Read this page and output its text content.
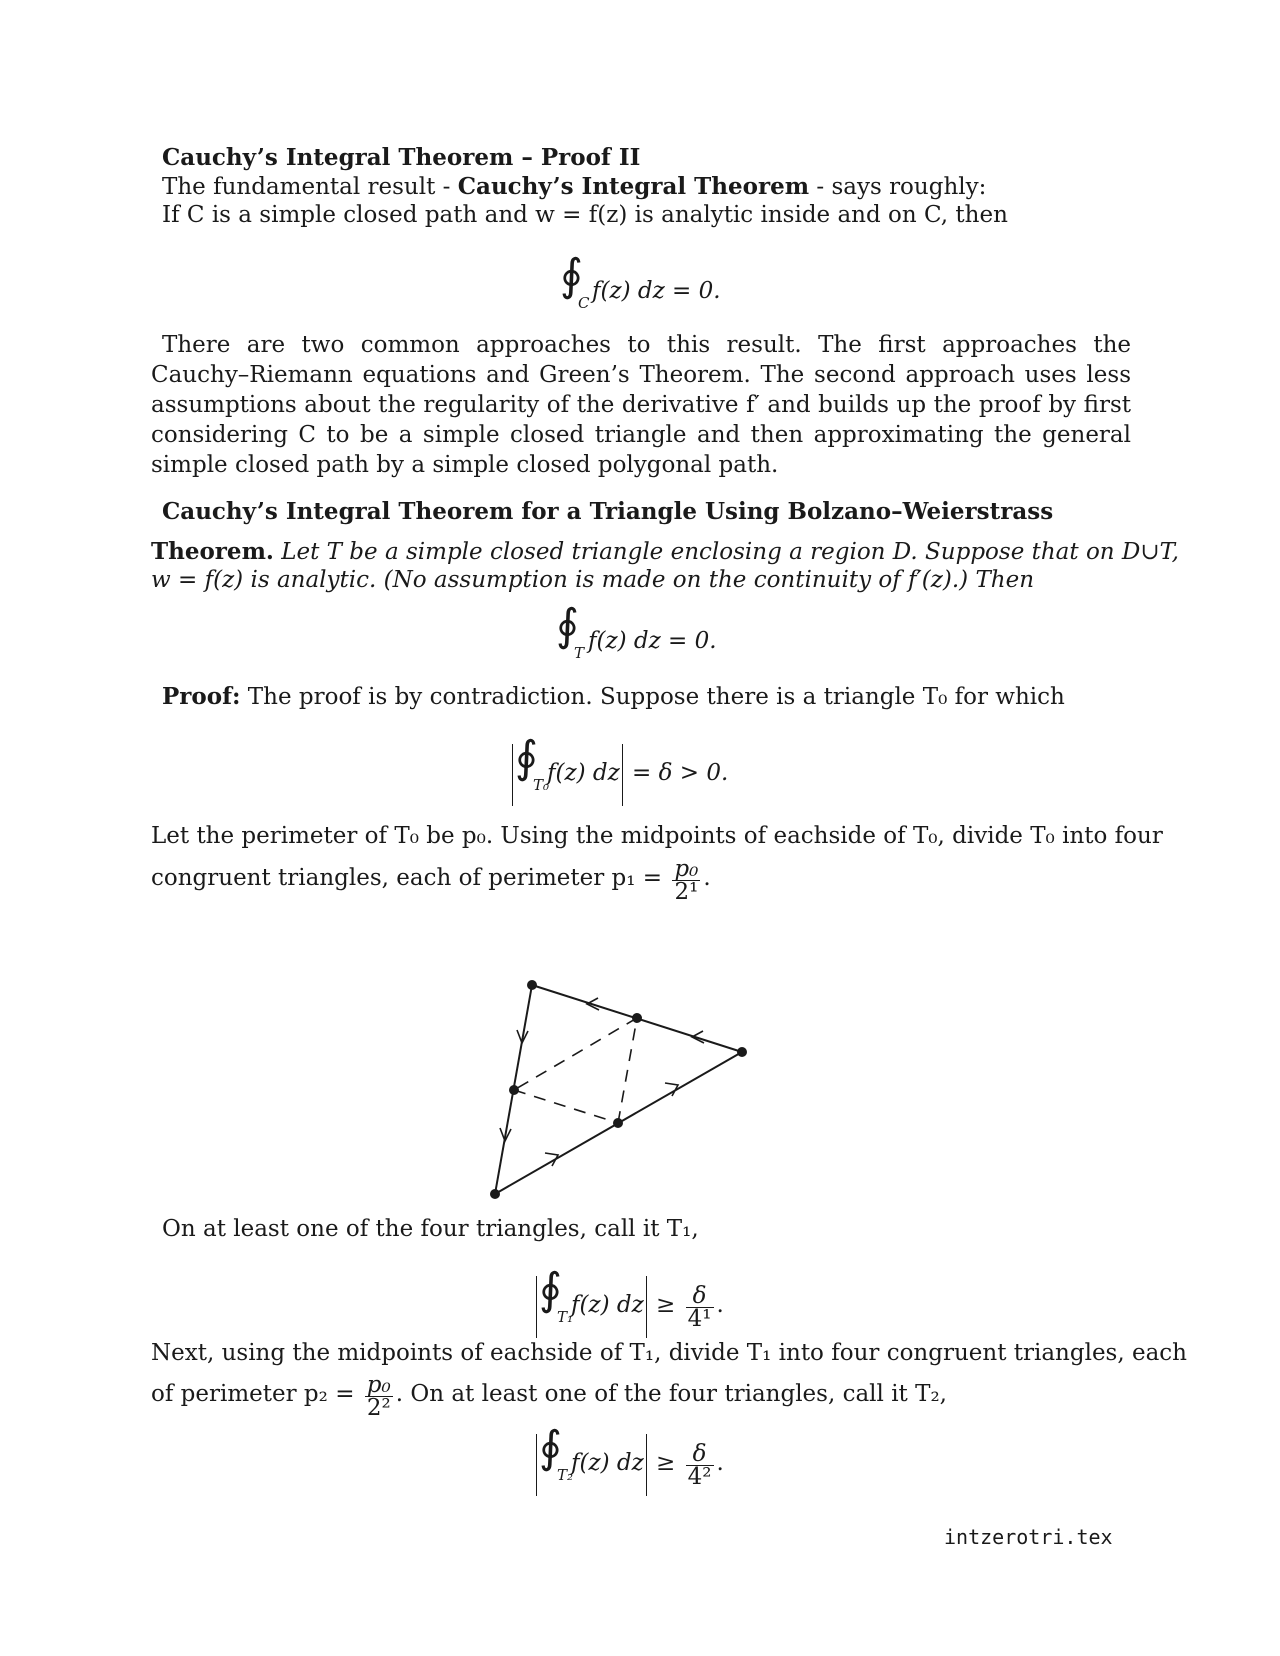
Cauchy’s Integral Theorem – Proof II
The fundamental result - Cauchy’s Integral Theorem - says roughly:
If C is a simple closed path and w = f(z) is analytic inside and on C, then
∮
C f(z) dz = 0.
There are two common approaches to this result. The first approaches the Cauchy–Riemann equations and Green’s Theorem. The second approach uses less assumptions about the regularity of the derivative f′ and builds up the proof by first considering C to be a simple closed triangle and then approximating the general simple closed path by a simple closed polygonal path.
Cauchy’s Integral Theorem for a Triangle Using Bolzano–Weierstrass
Theorem. Let T be a simple closed triangle enclosing a region D. Suppose that on D∪T,
w = f(z) is analytic. (No assumption is made on the continuity of f′(z).) Then
∮
T f(z) dz = 0.
Proof: The proof is by contradiction. Suppose there is a triangle T₀ for which
∮
T₀
f(z) dz = δ > 0.
Let the perimeter of T₀ be p₀. Using the midpoints of eachside of T₀, divide T₀ into four
congruent triangles, each of perimeter $p_1 = \frac{\text{p₀}}{\text{2¹}}$ .
On at least one of the four triangles, call it T₁,
∮
T₁
f(z) dz ≥ $\frac{\delta}{\text{4¹}}$ .
Next, using the midpoints of eachside of T₁, divide T₁ into four congruent triangles, each
of perimeter $p_2 = \frac{\text{p₀}}{\text{2²}}$ . On at least one of the four triangles, call it T₂,
∮
T₂
f(z) dz ≥ $\frac{\delta}{\text{4²}}$ .
intzerotri.tex
